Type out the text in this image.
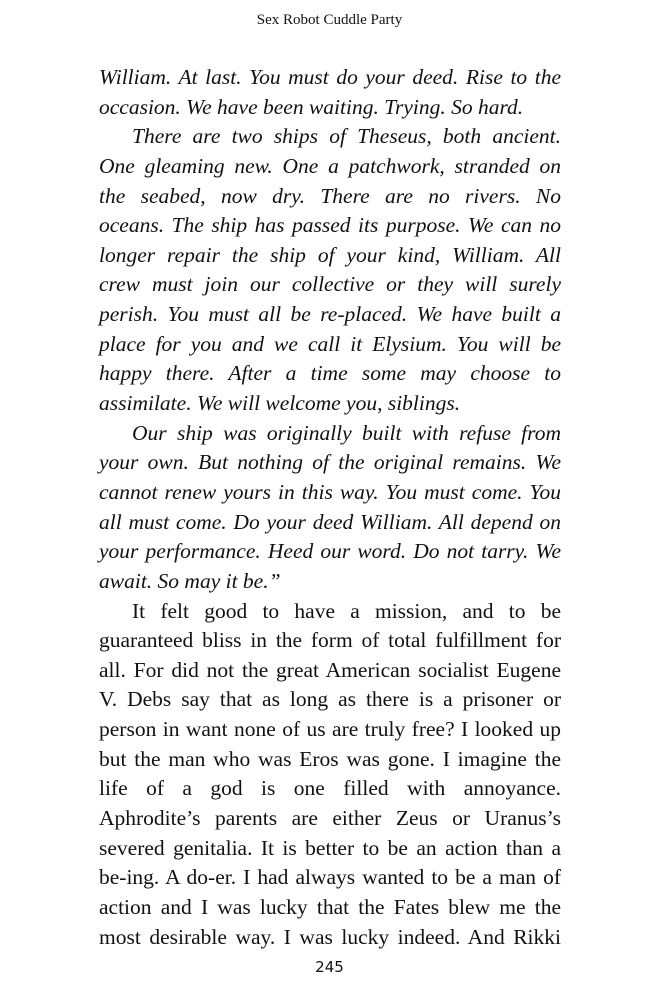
Sex Robot Cuddle Party
William. At last. You must do your deed. Rise to the
occasion. We have been waiting. Trying. So hard.
There are two ships of Theseus, both ancient.
One gleaming new. One a patchwork, stranded on
the seabed, now dry. There are no rivers. No
oceans. The ship has passed its purpose. We can no
longer repair the ship of your kind, William. All
crew must join our collective or they will surely
perish. You must all be re-placed. We have built a
place for you and we call it Elysium. You will be
happy there. After a time some may choose to
assimilate. We will welcome you, siblings.
Our ship was originally built with refuse from
your own. But nothing of the original remains. We
cannot renew yours in this way. You must come. You
all must come. Do your deed William. All depend on
your performance. Heed our word. Do not tarry. We
await. So may it be.”
It felt good to have a mission, and to be
guaranteed bliss in the form of total fulfillment for
all. For did not the great American socialist Eugene
V. Debs say that as long as there is a prisoner or
person in want none of us are truly free? I looked up
but the man who was Eros was gone. I imagine the
life of a god is one filled with annoyance.
Aphrodite’s parents are either Zeus or Uranus’s
severed genitalia. It is better to be an action than a
be-ing. A do-er. I had always wanted to be a man of
action and I was lucky that the Fates blew me the
most desirable way. I was lucky indeed. And Rikki
245
